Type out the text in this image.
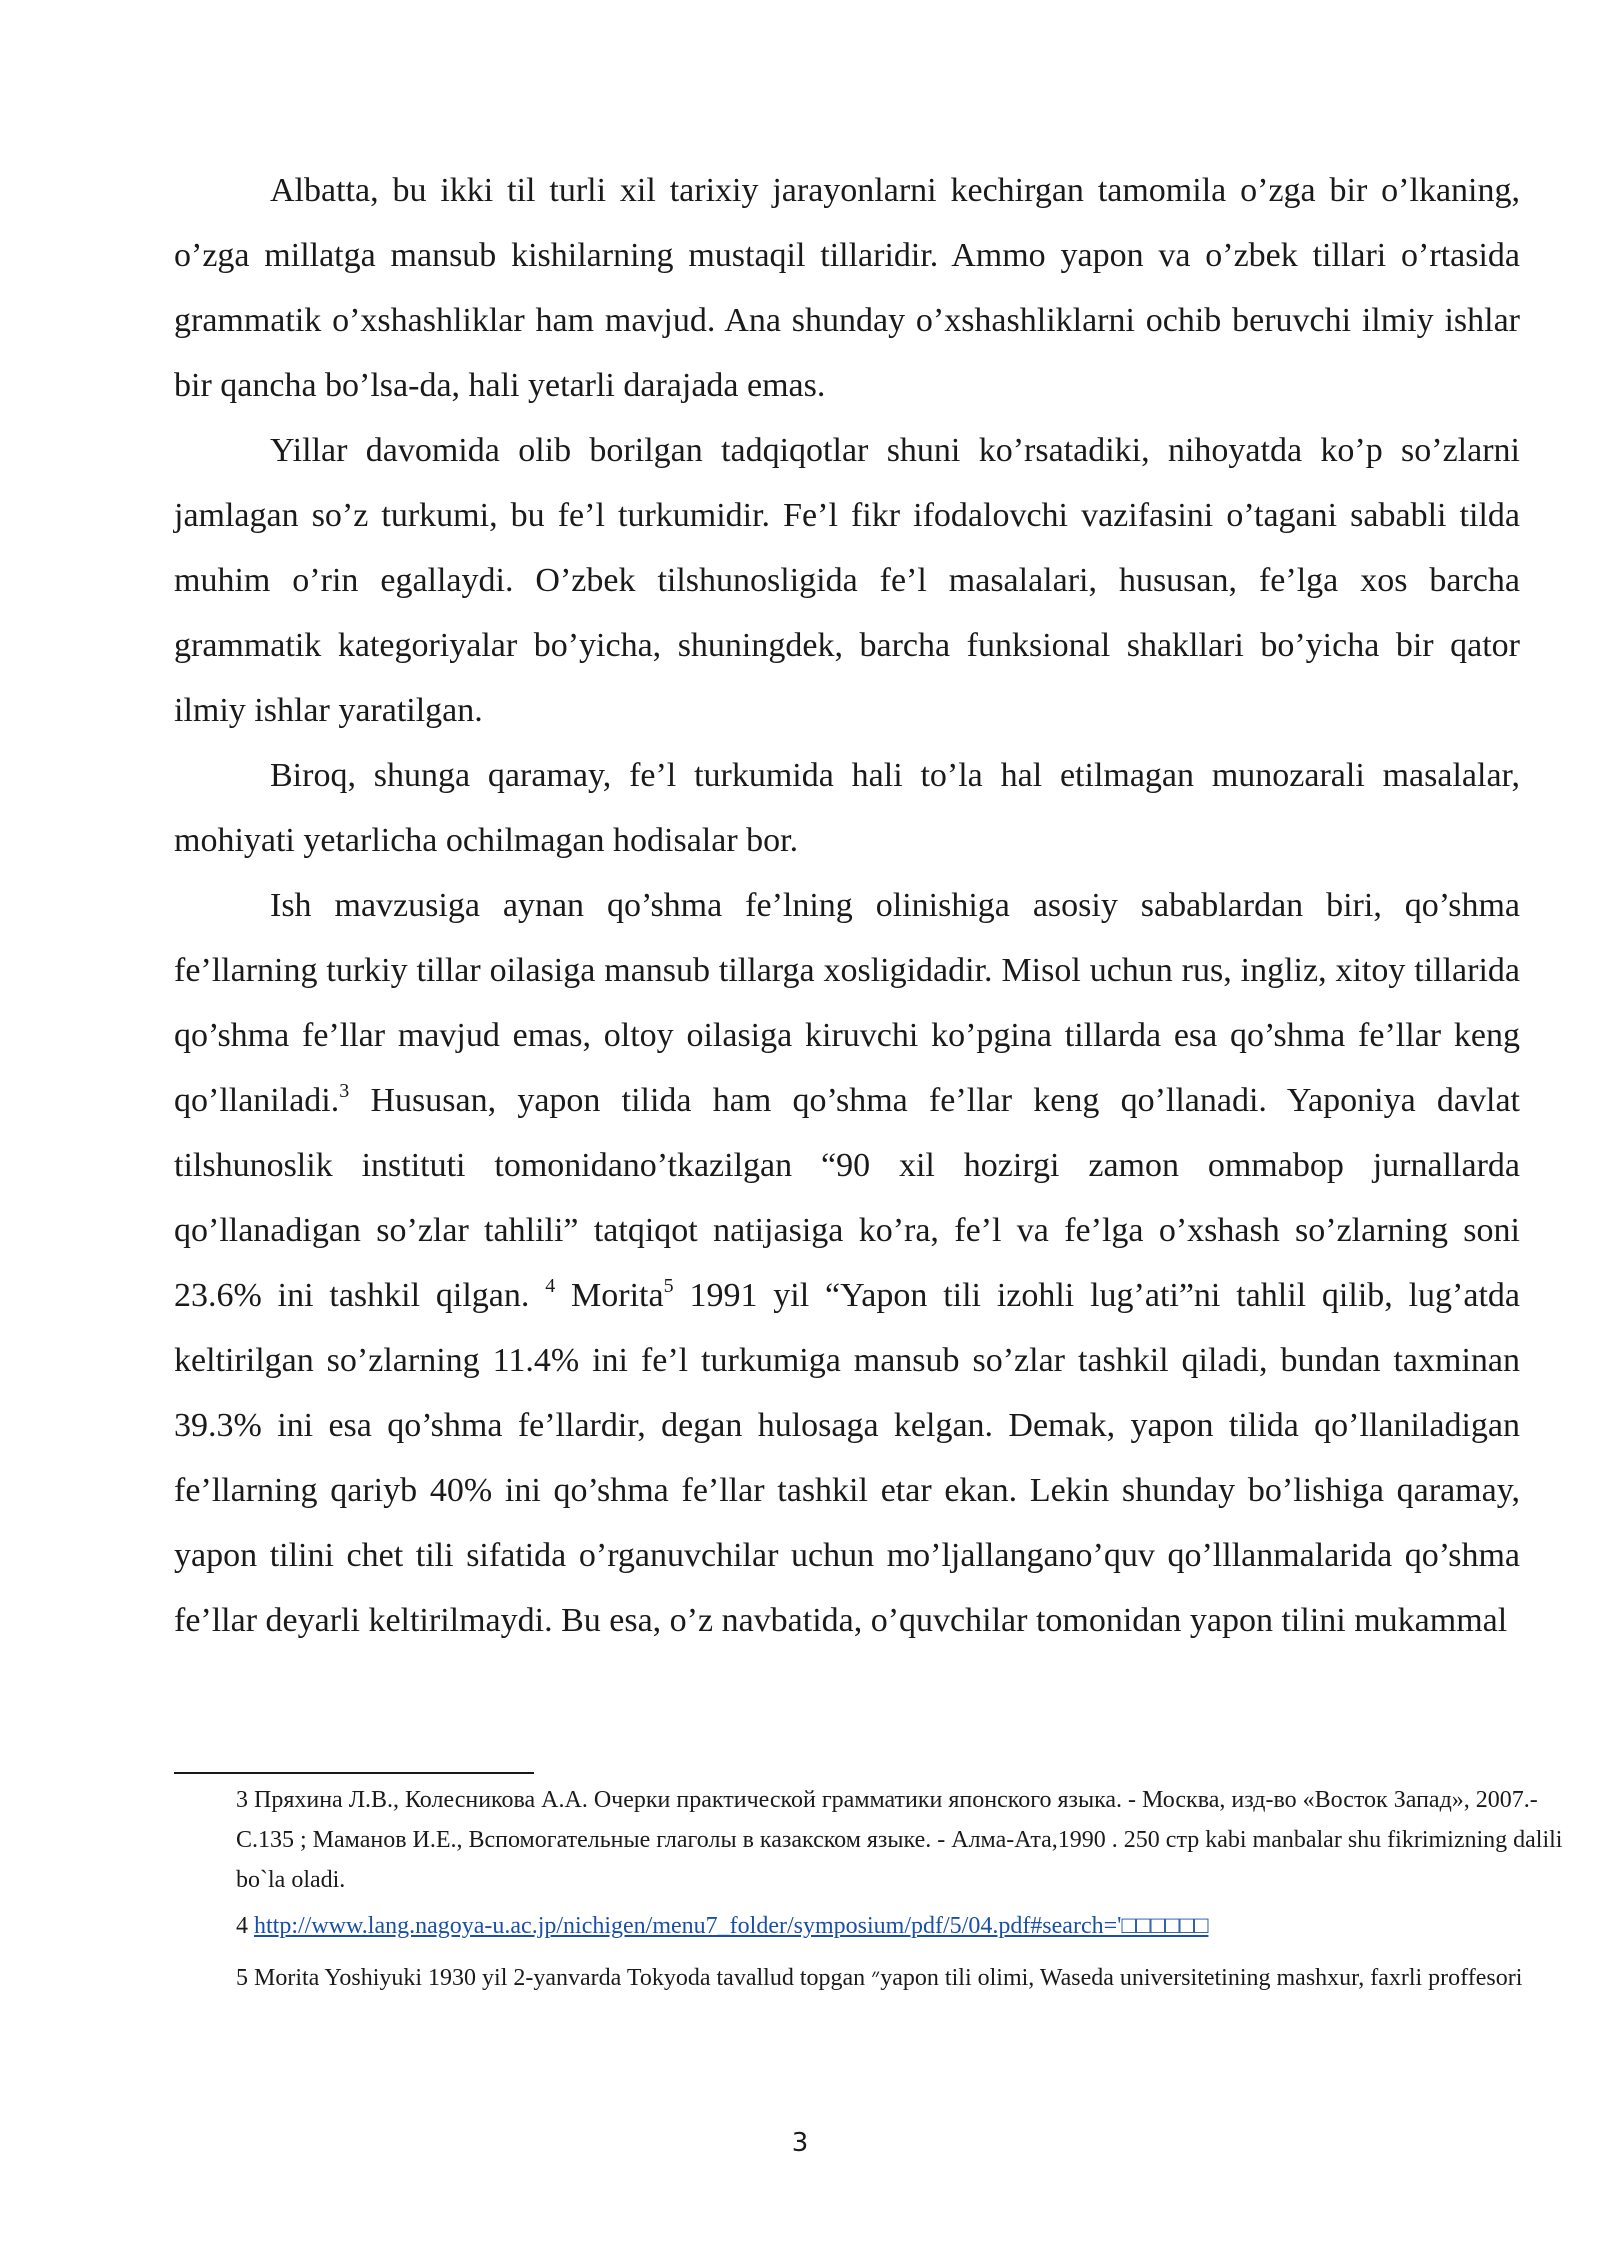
Albatta, bu ikki til turli xil tarixiy jarayonlarni kechirgan tamomila o’zga bir o’lkaning, o’zga millatga mansub kishilarning mustaqil tillaridir. Ammo yapon va o’zbek tillari o’rtasida grammatik o’xshashliklar ham mavjud. Ana shunday o’xshashliklarni ochib beruvchi ilmiy ishlar bir qancha bo’lsa-da, hali yetarli darajada emas.

Yillar davomida olib borilgan tadqiqotlar shuni ko’rsatadiki, nihoyatda ko’p so’zlarni jamlagan so’z turkumi, bu fe’l turkumidir. Fe’l fikr ifodalovchi vazifasini o’tagani sababli tilda muhim o’rin egallaydi. O’zbek tilshunosligida fe’l masalalari, hususan, fe’lga xos barcha grammatik kategoriyalar bo’yicha, shuningdek, barcha funksional shakllari bo’yicha bir qator ilmiy ishlar yaratilgan.

Biroq, shunga qaramay, fe’l turkumida hali to’la hal etilmagan munozarali masalalar, mohiyati yetarlicha ochilmagan hodisalar bor.

Ish mavzusiga aynan qo’shma fe’lning olinishiga asosiy sabablardan biri, qo’shma fe’llarning turkiy tillar oilasiga mansub tillarga xosligidadir. Misol uchun rus, ingliz, xitoy tillarida qo’shma fe’llar mavjud emas, oltoy oilasiga kiruvchi ko’pgina tillarda esa qo’shma fe’llar keng qo’llaniladi.$^3$ Hususan, yapon tilida ham qo’shma fe’llar keng qo’llanadi. Yaponiya davlat tilshunoslik instituti tomonidano’tkazilgan “90 xil hozirgi zamon ommabop jurnallarda qo’llanadigan so’zlar tahlili” tatqiqot natijasiga ko’ra, fe’l va fe’lga o’xshash so’zlarning soni 23.6% ini tashkil qilgan. $^4$ Morita$^5$ 1991 yil “Yapon tili izohli lug’ati”ni tahlil qilib, lug’atda keltirilgan so’zlarning 11.4% ini fe’l turkumiga mansub so’zlar tashkil qiladi, bundan taxminan 39.3% ini esa qo’shma fe’llardir, degan hulosaga kelgan. Demak, yapon tilida qo’llaniladigan fe’llarning qariyb 40% ini qo’shma fe’llar tashkil etar ekan. Lekin shunday bo’lishiga qaramay, yapon tilini chet tili sifatida o’rganuvchilar uchun mo’ljallangano’quv qo’lllanmalarida qo’shma fe’llar deyarli keltirilmaydi. Bu esa, o’z navbatida, o’quvchilar tomonidan yapon tilini mukammal

3 Пряхина Л.В., Колесникова А.А. Очерки практической грамматики японского языка. - Москва, изд-во «Восток Запад», 2007.- С.135 ; Маманов И.Е., Вспомогательные глаголы в казакском языке. - Алма-Ата,1990 . 250 стр kabi manbalar shu fikrimizning dalili bo`la oladi.

4 http://www.lang.nagoya-u.ac.jp/nichigen/menu7_folder/symposium/pdf/5/04.pdf#search='□□□□□□

5 Morita Yoshiyuki 1930 yil 2-yanvarda Tokyoda tavallud topgan ״yapon tili olimi, Waseda universitetining mashxur, faxrli proffesori

3
